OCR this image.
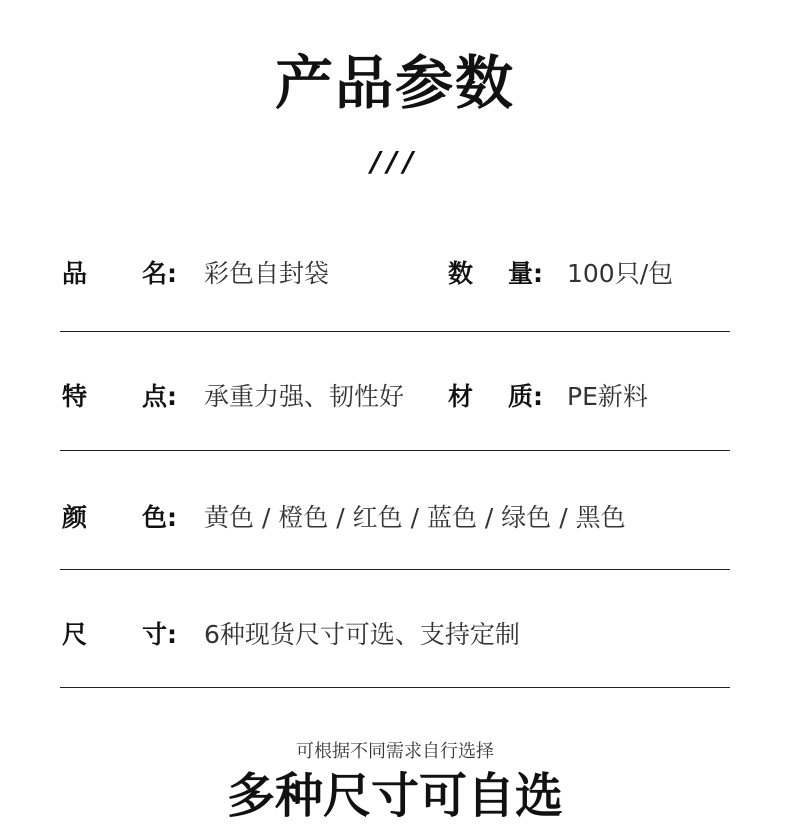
产品参数
///
品 名: 彩色自封袋	数 量: 100只/包
特 点: 承重力强、韧性好 材 质: PE新料
颜 色: 黄色 / 橙色 / 红色 / 蓝色 / 绿色 / 黑色
尺 寸: 6种现货尺寸可选、支持定制
可根据不同需求自行选择
多种尺寸可自选
